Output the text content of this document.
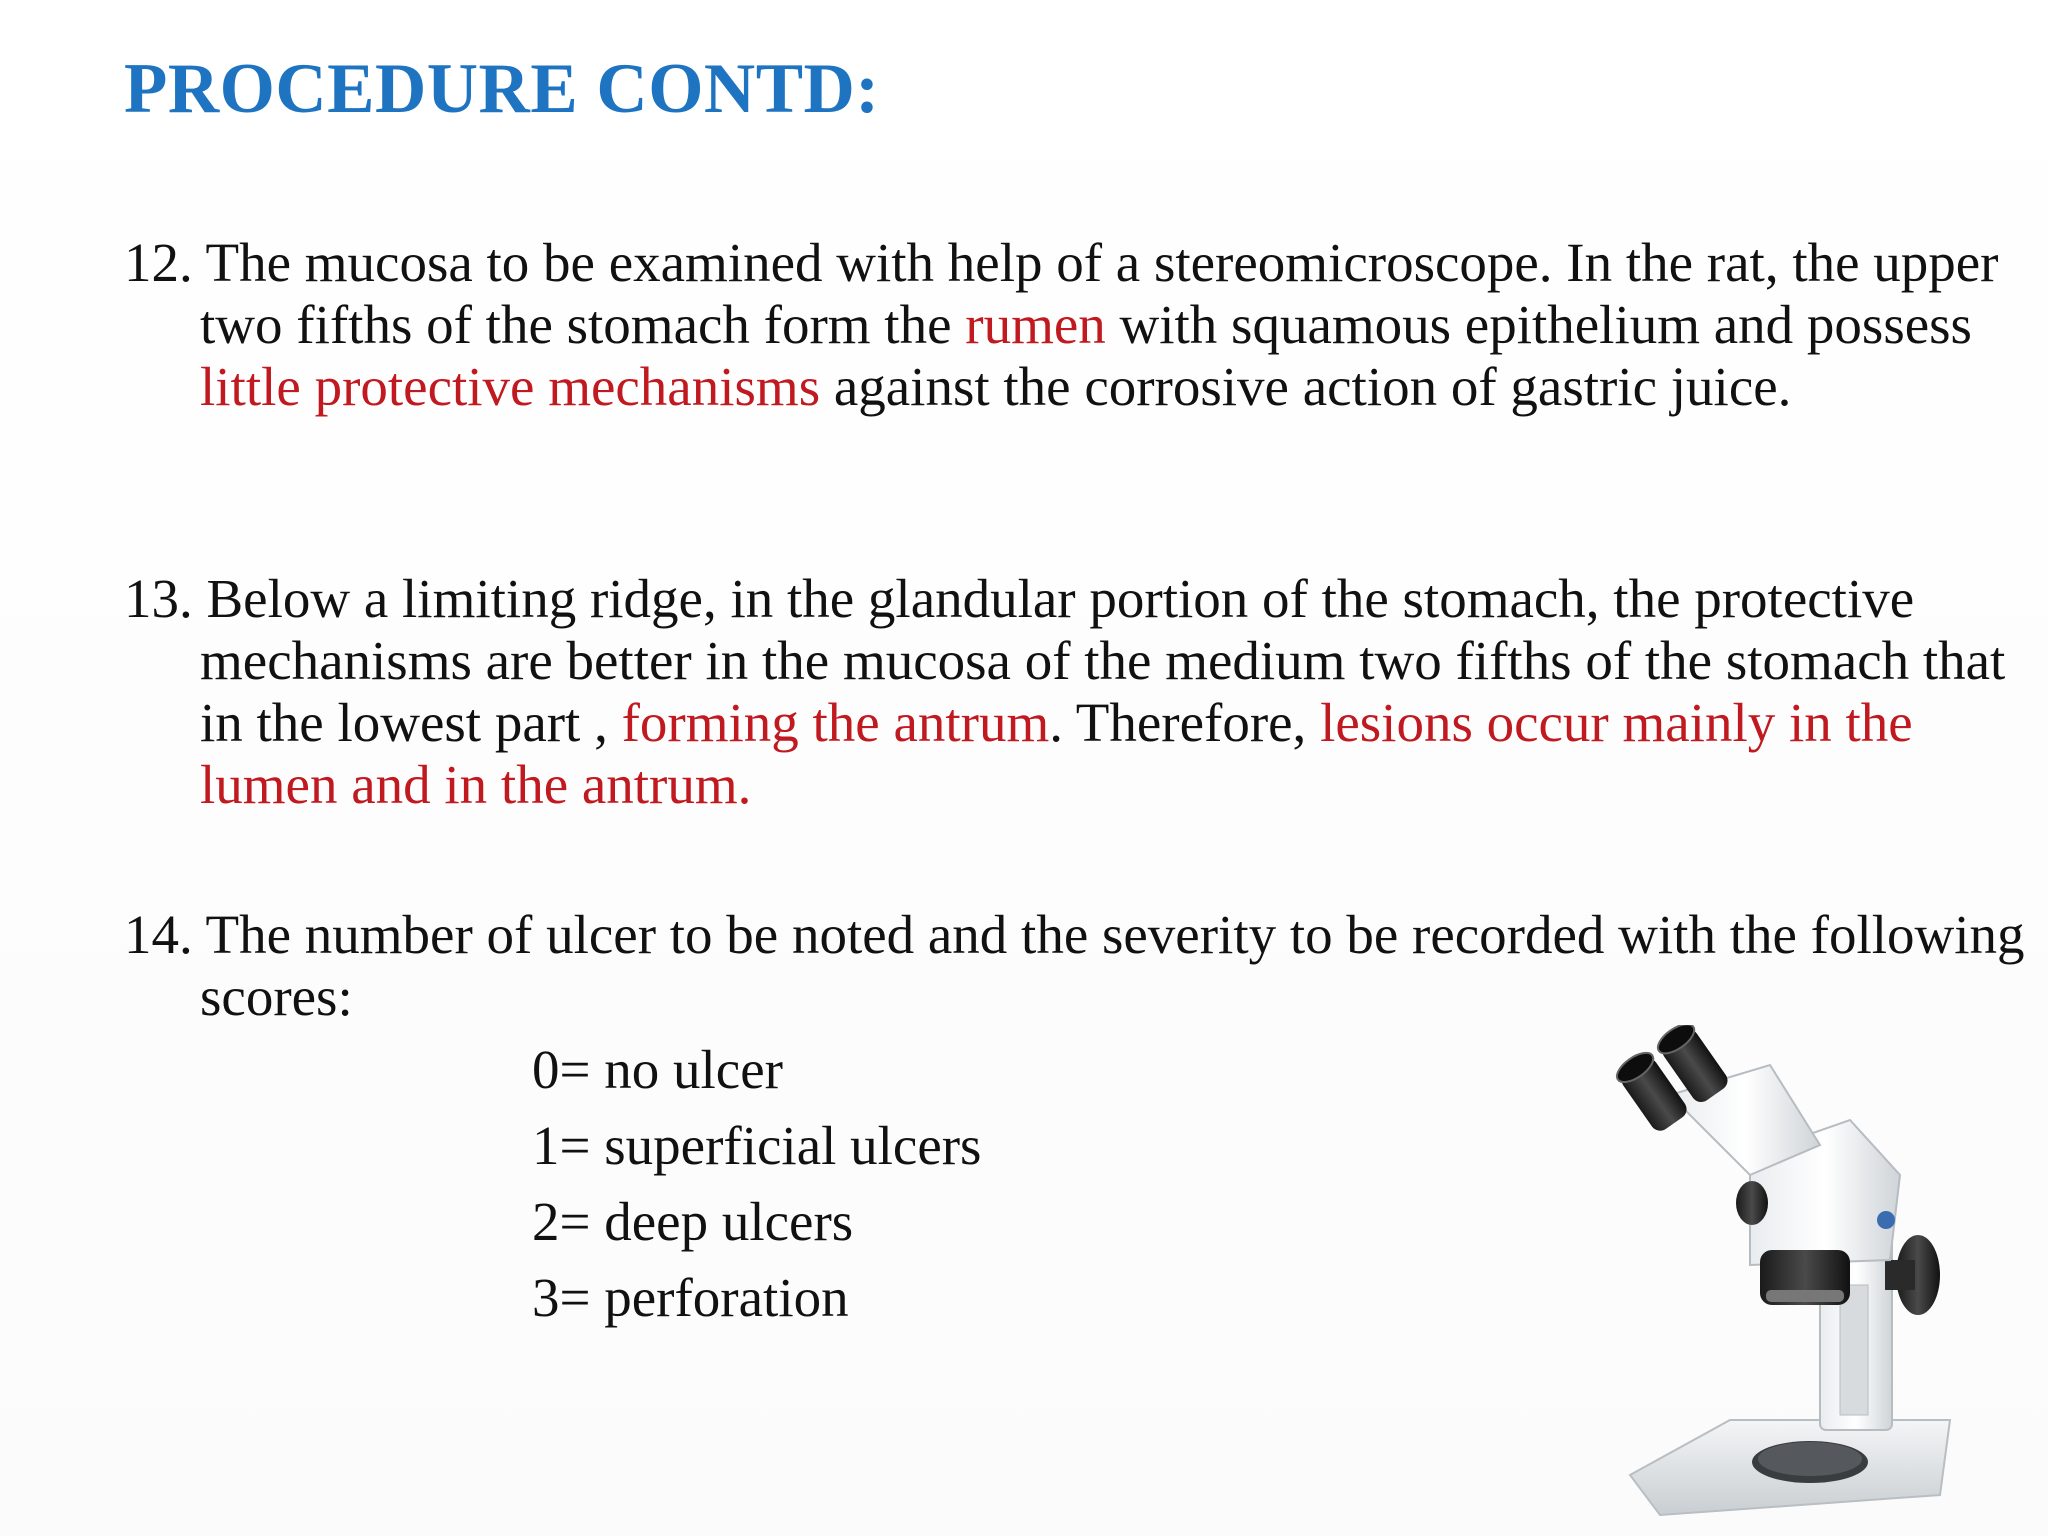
PROCEDURE CONTD:

12. The mucosa to be examined with help of a stereomicroscope. In the rat, the upper two fifths of the stomach form the rumen with squamous epithelium and possess little protective mechanisms against the corrosive action of gastric juice.

13. Below a limiting ridge, in the glandular portion of the stomach, the protective mechanisms are better in the mucosa of the medium two fifths of the stomach that in the lowest part , forming the antrum. Therefore, lesions occur mainly in the lumen and in the antrum.

14. The number of ulcer to be noted and the severity to be recorded with the following scores:

0= no ulcer
1= superficial ulcers
2= deep ulcers
3= perforation
